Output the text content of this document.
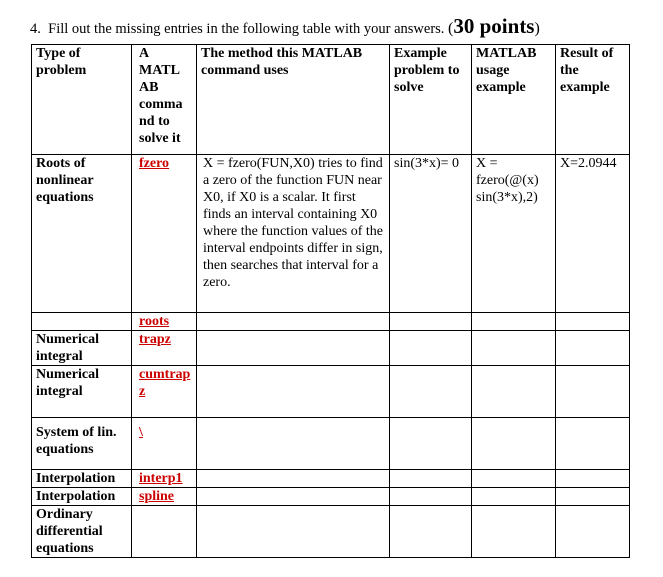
4. Fill out the missing entries in the following table with your answers. (30 points)
Type of problem	A MATL AB comma nd to solve it	The method this MATLAB command uses	Example problem to solve	MATLAB usage example	Result of the example
Roots of nonlinear equations	fzero	X = fzero(FUN,X0) tries to find a zero of the function FUN near X0, if X0 is a scalar. It first finds an interval containing X0 where the function values of the interval endpoints differ in sign, then searches that interval for a zero.	sin(3*x)= 0	X = fzero(@(x) sin(3*x),2)	X=2.0944
	roots				
Numerical integral	trapz				
Numerical integral	cumtrapz				
System of lin. equations	\				
Interpolation	interp1				
Interpolation	spline				
Ordinary differential equations					
